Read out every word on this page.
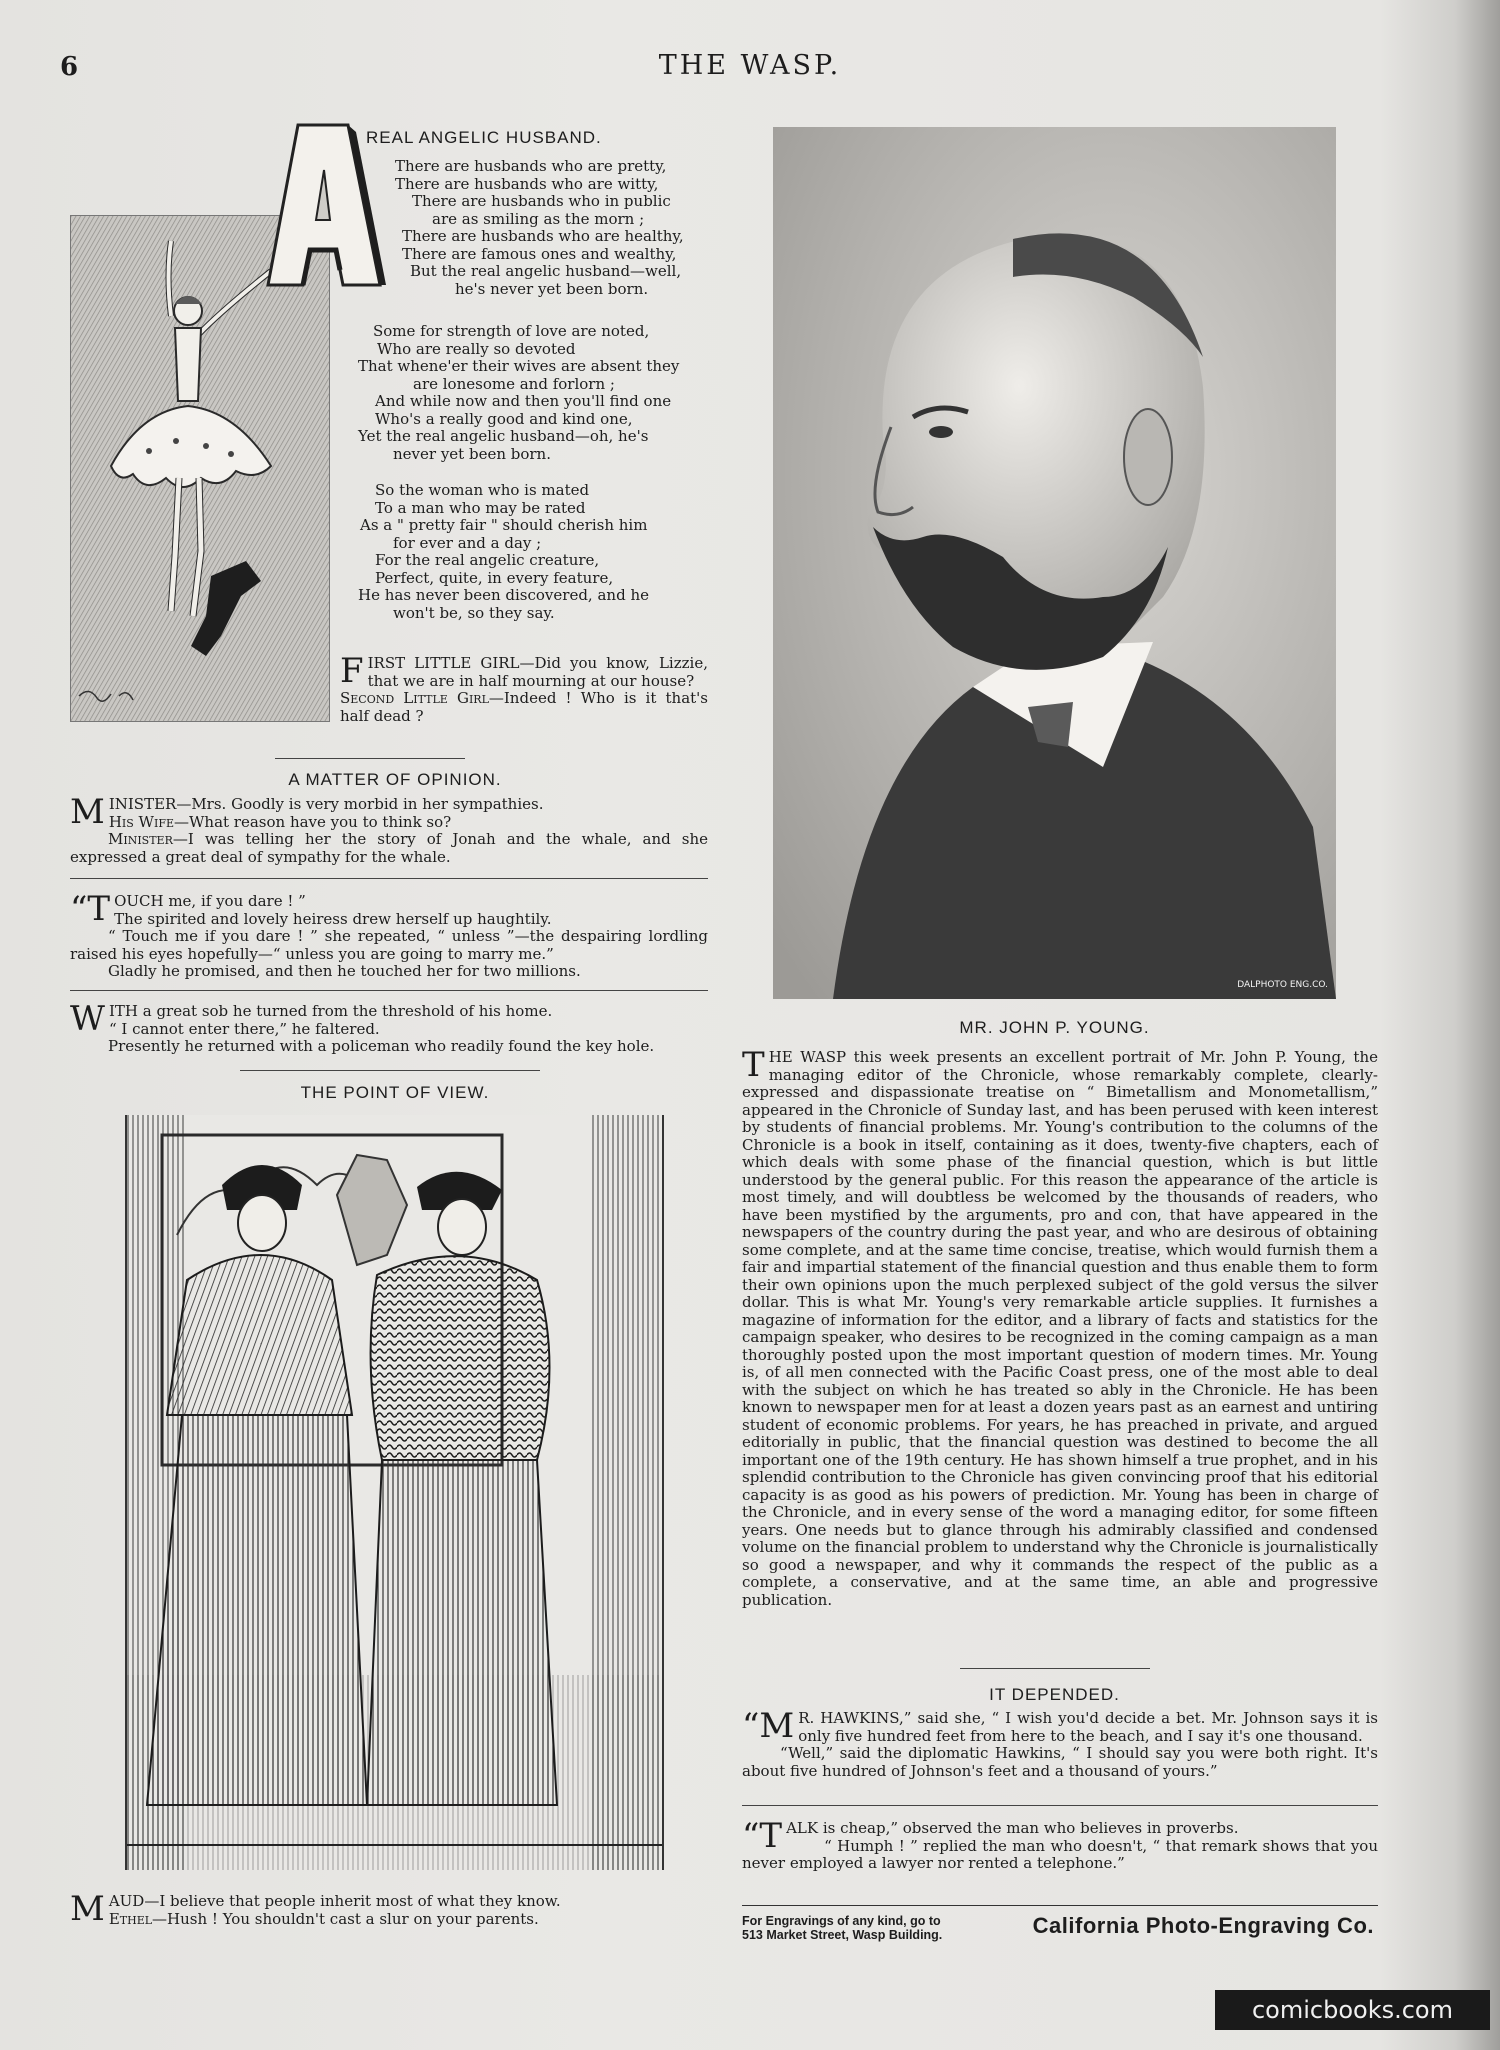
6	THE WASP.
REAL ANGELIC HUSBAND.
There are husbands who are pretty,
There are husbands who are witty,
There are husbands who in public
are as smiling as the morn ;
There are husbands who are healthy,
There are famous ones and wealthy,
But the real angelic husband—well,
he's never yet been born.
Some for strength of love are noted,
Who are really so devoted
That whene'er their wives are absent they
are lonesome and forlorn ;
And while now and then you'll find one
Who's a really good and kind one,
Yet the real angelic husband—oh, he's
never yet been born.
So the woman who is mated
To a man who may be rated
As a " pretty fair " should cherish him
for ever and a day ;
For the real angelic creature,
Perfect, quite, in every feature,
He has never been discovered, and he
won't be, so they say.

FIRST LITTLE GIRL—Did you know, Lizzie, that we are in half mourning at our house?

Second Little Girl—Indeed ! Who is it that's half dead ?

A MATTER OF OPINION.

MINISTER—Mrs. Goodly is very morbid in her sympathies.

His Wife—What reason have you to think so?

Minister—I was telling her the story of Jonah and the whale, and she expressed a great deal of sympathy for the whale.

“TOUCH me, if you dare ! ”

The spirited and lovely heiress drew herself up haughtily.

“ Touch me if you dare ! ” she repeated, “ unless ”—the despairing lordling raised his eyes hopefully—“ unless you are going to marry me.”

Gladly he promised, and then he touched her for two millions.

WITH a great sob he turned from the threshold of his home.

“ I cannot enter there,” he faltered.

Presently he returned with a policeman who readily found the key hole.

THE POINT OF VIEW.

MAUD—I believe that people inherit most of what they know.

Ethel—Hush ! You shouldn't cast a slur on your parents.

DALPHOTO ENG.CO.
MR. JOHN P. YOUNG.

THE WASP this week presents an excellent portrait of Mr. John P. Young, the managing editor of the Chronicle, whose remarkably complete, clearly-expressed and dispassionate treatise on “ Bimetallism and Monometallism,” appeared in the Chronicle of Sunday last, and has been perused with keen interest by students of financial problems. Mr. Young's contribution to the columns of the Chronicle is a book in itself, containing as it does, twenty-five chapters, each of which deals with some phase of the financial question, which is but little understood by the general public. For this reason the appearance of the article is most timely, and will doubtless be welcomed by the thousands of readers, who have been mystified by the arguments, pro and con, that have appeared in the newspapers of the country during the past year, and who are desirous of obtaining some complete, and at the same time concise, treatise, which would furnish them a fair and impartial statement of the financial question and thus enable them to form their own opinions upon the much perplexed subject of the gold versus the silver dollar. This is what Mr. Young's very remarkable article supplies. It furnishes a magazine of information for the editor, and a library of facts and statistics for the campaign speaker, who desires to be recognized in the coming campaign as a man thoroughly posted upon the most important question of modern times. Mr. Young is, of all men connected with the Pacific Coast press, one of the most able to deal with the subject on which he has treated so ably in the Chronicle. He has been known to newspaper men for at least a dozen years past as an earnest and untiring student of economic problems. For years, he has preached in private, and argued editorially in public, that the financial question was destined to become the all important one of the 19th century. He has shown himself a true prophet, and in his splendid contribution to the Chronicle has given convincing proof that his editorial capacity is as good as his powers of prediction. Mr. Young has been in charge of the Chronicle, and in every sense of the word a managing editor, for some fifteen years. One needs but to glance through his admirably classified and condensed volume on the financial problem to understand why the Chronicle is journalistically so good a newspaper, and why it commands the respect of the public as a complete, a conservative, and at the same time, an able and progressive publication.

IT DEPENDED.

“M R. HAWKINS,” said she, “ I wish you'd decide a bet. Mr. Johnson says it is only five hundred feet from here to the beach, and I say it's one thousand.

“Well,” said the diplomatic Hawkins, “ I should say you were both right. It's about five hundred of Johnson's feet and a thousand of yours.”

“TALK is cheap,” observed the man who believes in proverbs.

“ Humph ! ” replied the man who doesn't, “ that remark shows that you never employed a lawyer nor rented a telephone.”

For Engravings of any kind, go to
513 Market Street, Wasp Building.	California Photo-Engraving Co.
comicbooks.com
